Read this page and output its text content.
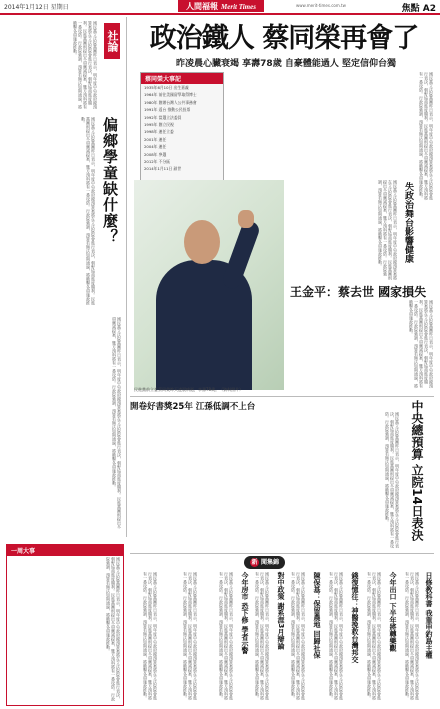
2014年1月12日 星期日	人間福報 Merit Times	www.merit-times.com.tw	焦點 A2
社論
偏鄉學童缺什麼？
國民黨立法院黨團昨日表示，明年度中央政府總預算案將在立法院院會進行表決，朝野協商進度順利。民進黨團則提出多項刪減提案，雙方預料將有一番攻防。行政院強調，預算若無法如期通過，將衝擊各項施政推動。
國民黨立法院黨團昨日表示，明年度中央政府總預算案將在立法院院會進行表決，朝野協商進度順利。民進黨團則提出多項刪減提案，雙方預料將有一番攻防。行政院強調，預算若無法如期通過，將衝擊各項施政推動。
國民黨立法院黨團昨日表示，明年度中央政府總預算案將在立法院院會進行表決，朝野協商進度順利。民進黨團則提出多項刪減提案，雙方預料將有一番攻防。行政院強調，預算若無法如期通過，將衝擊各項施政推動。
政治鐵人 蔡同榮再會了
昨凌晨心臟衰竭 享壽78歲 自豪體能過人 堅定信仰台獨
蔡同榮大事記
1935年6月10日 出生嘉義
1964年 前往美國留學取得博士
1980年 創辦台灣人公共事務會
1991年 返台 推動公民投票
1992年 當選立法委員
1995年 創立民視
1998年 連任立委
2001年 連任
2004年 連任
2008年 參選
2012年 不分區
2014年1月11日 辭世	國民黨立法院黨團昨日表示，明年度中央政府總預算案將在立法院院會進行表決，朝野協商進度順利。民進黨團則提出多項刪減提案，雙方預料將有一番攻防。行政院強調，預算若無法如期通過，將衝擊各項施政推動。
民進黨前立委蔡同榮昨天凌晨病逝，享壽78歲。（資料照片）
國民黨立法院黨團昨日表示，明年度中央政府總預算案將在立法院院會進行表決，朝野協商進度順利。民進黨團則提出多項刪減提案，雙方預料將有一番攻防。行政院強調，預算若無法如期通過，將衝擊各項施政推動。	失政治舞台影響健康
王金平：蔡去世 國家損失
國民黨立法院黨團昨日表示，明年度中央政府總預算案將在立法院院會進行表決，朝野協商進度順利。民進黨團則提出多項刪減提案，雙方預料將有一番攻防。行政院強調，預算若無法如期通過，將衝擊各項施政推動。
開卷好書獎25年 江孫低調不上台
國民黨立法院黨團昨日表示，明年度中央政府總預算案將在立法院院會進行表決，朝野協商進度順利。民進黨團則提出多項刪減提案，雙方預料將有一番攻防。行政院強調，預算若無法如期通過，將衝擊各項施政推動。	中央總預算 立院14日表決
一周大事
國民黨立法院黨團昨日表示，明年度中央政府總預算案將在立法院院會進行表決，朝野協商進度順利。民進黨團則提出多項刪減提案，雙方預料將有一番攻防。行政院強調，預算若無法如期通過，將衝擊各項施政推動。	新 聞集錦
日修教科書 我重申釣島主權
今年出口 下半年將轉樂觀
錢復憶往：神醫挽救台灣邦交
陳保基：保留農地 回歸社保
對中政策 謝系涯3月辯論
今年房市 恐下修 學者示警	國民黨立法院黨團昨日表示，明年度中央政府總預算案將在立法院院會進行表決，朝野協商進度順利。民進黨團則提出多項刪減提案，雙方預料將有一番攻防。行政院強調，預算若無法如期通過，將衝擊各項施政推動。
國民黨立法院黨團昨日表示，明年度中央政府總預算案將在立法院院會進行表決，朝野協商進度順利。民進黨團則提出多項刪減提案，雙方預料將有一番攻防。行政院強調，預算若無法如期通過，將衝擊各項施政推動。
國民黨立法院黨團昨日表示，明年度中央政府總預算案將在立法院院會進行表決，朝野協商進度順利。民進黨團則提出多項刪減提案，雙方預料將有一番攻防。行政院強調，預算若無法如期通過，將衝擊各項施政推動。
國民黨立法院黨團昨日表示，明年度中央政府總預算案將在立法院院會進行表決，朝野協商進度順利。民進黨團則提出多項刪減提案，雙方預料將有一番攻防。行政院強調，預算若無法如期通過，將衝擊各項施政推動。
國民黨立法院黨團昨日表示，明年度中央政府總預算案將在立法院院會進行表決，朝野協商進度順利。民進黨團則提出多項刪減提案，雙方預料將有一番攻防。行政院強調，預算若無法如期通過，將衝擊各項施政推動。
國民黨立法院黨團昨日表示，明年度中央政府總預算案將在立法院院會進行表決，朝野協商進度順利。民進黨團則提出多項刪減提案，雙方預料將有一番攻防。行政院強調，預算若無法如期通過，將衝擊各項施政推動。
國民黨立法院黨團昨日表示，明年度中央政府總預算案將在立法院院會進行表決，朝野協商進度順利。民進黨團則提出多項刪減提案，雙方預料將有一番攻防。行政院強調，預算若無法如期通過，將衝擊各項施政推動。
國民黨立法院黨團昨日表示，明年度中央政府總預算案將在立法院院會進行表決，朝野協商進度順利。民進黨團則提出多項刪減提案，雙方預料將有一番攻防。行政院強調，預算若無法如期通過，將衝擊各項施政推動。
